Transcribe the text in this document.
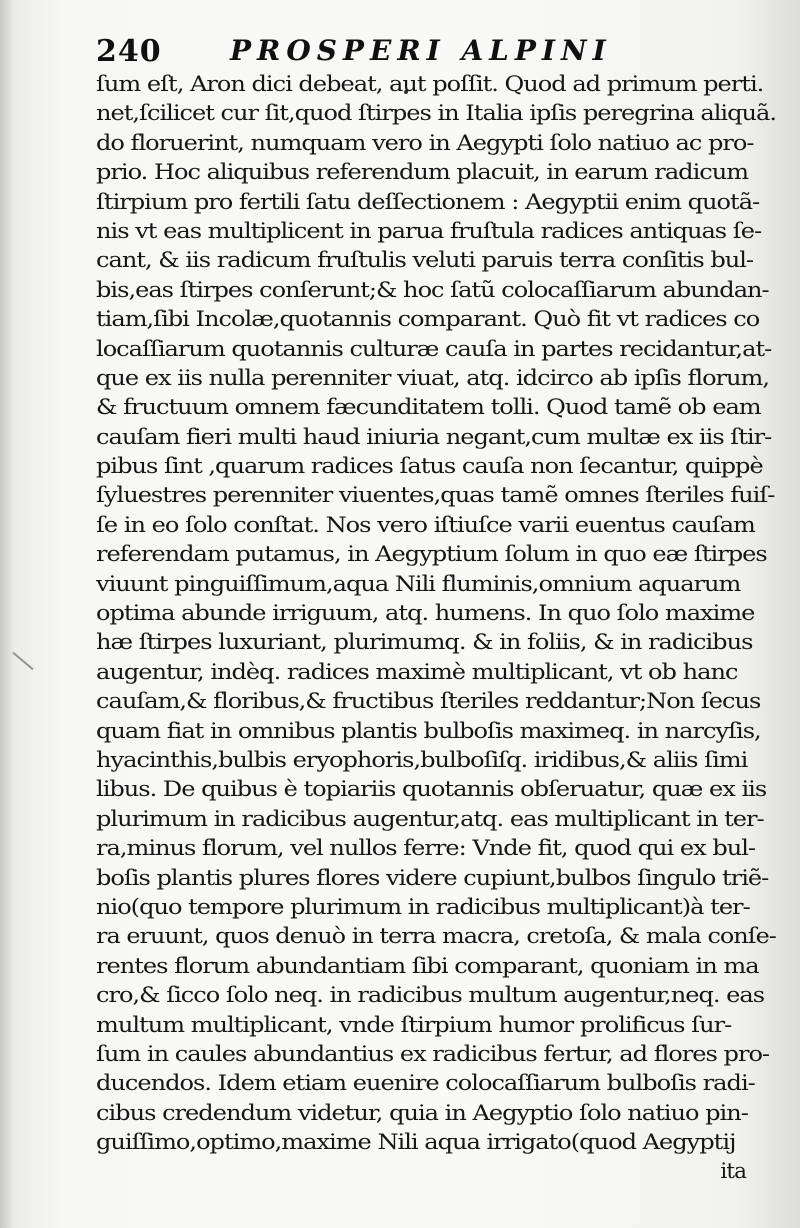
240 PROSPERI ALPINI
ſum eſt, Aron dici debeat, aut poſſit. Quod ad primum perti.
net,ſcilicet cur ſit,quod ſtirpes in Italia ipſis peregrina aliquã.
do floruerint, numquam vero in Aegypti ſolo natiuo ac pro-
prio. Hoc aliquibus referendum placuit, in earum radicum
ſtirpium pro fertili ſatu deſſectionem : Aegyptii enim quotã-
nis vt eas multiplicent in parua fruſtula radices antiquas ſe-
cant, & iis radicum fruſtulis veluti paruis terra conſitis bul-
bis,eas ſtirpes conſerunt;& hoc ſatũ colocaſſiarum abundan-
tiam,ſibi Incolæ,quotannis comparant. Quò fit vt radices co
locaſſiarum quotannis culturæ cauſa in partes recidantur,at-
que ex iis nulla perenniter viuat, atq. idcirco ab ipſis florum,
& fructuum omnem fæcunditatem tolli. Quod tamẽ ob eam
cauſam fieri multi haud iniuria negant,cum multæ ex iis ſtir-
pibus ſint ,quarum radices ſatus cauſa non ſecantur, quippè
ſyluestres perenniter viuentes,quas tamẽ omnes ſteriles fuiſ-
ſe in eo ſolo conſtat. Nos vero iſtiuſce varii euentus cauſam
referendam putamus, in Aegyptium ſolum in quo eæ ſtirpes
viuunt pinguiſſimum,aqua Nili fluminis,omnium aquarum
optima abunde irriguum, atq. humens. In quo ſolo maxime
hæ ſtirpes luxuriant, plurimumq. & in foliis, & in radicibus
augentur, indèq. radices maximè multiplicant, vt ob hanc
cauſam,& floribus,& fructibus ſteriles reddantur;Non ſecus
quam fiat in omnibus plantis bulboſis maximeq. in narcyſis,
hyacinthis,bulbis eryophoris,bulboſiſq. iridibus,& aliis ſimi
libus. De quibus è topiariis quotannis obſeruatur, quæ ex iis
plurimum in radicibus augentur,atq. eas multiplicant in ter-
ra,minus florum, vel nullos ferre: Vnde fit, quod qui ex bul-
boſis plantis plures flores videre cupiunt,bulbos ſingulo triẽ-
nio(quo tempore plurimum in radicibus multiplicant)à ter-
ra eruunt, quos denuò in terra macra, cretoſa, & mala conſe-
rentes florum abundantiam ſibi comparant, quoniam in ma
cro,& ſicco ſolo neq. in radicibus multum augentur,neq. eas
multum multiplicant, vnde ſtirpium humor prolificus ſur-
ſum in caules abundantius ex radicibus fertur, ad flores pro-
ducendos. Idem etiam euenire colocaſſiarum bulboſis radi-
cibus credendum videtur, quia in Aegyptio ſolo natiuo pin-
guiſſimo,optimo,maxime Nili aqua irrigato(quod Aegyptij
ita
